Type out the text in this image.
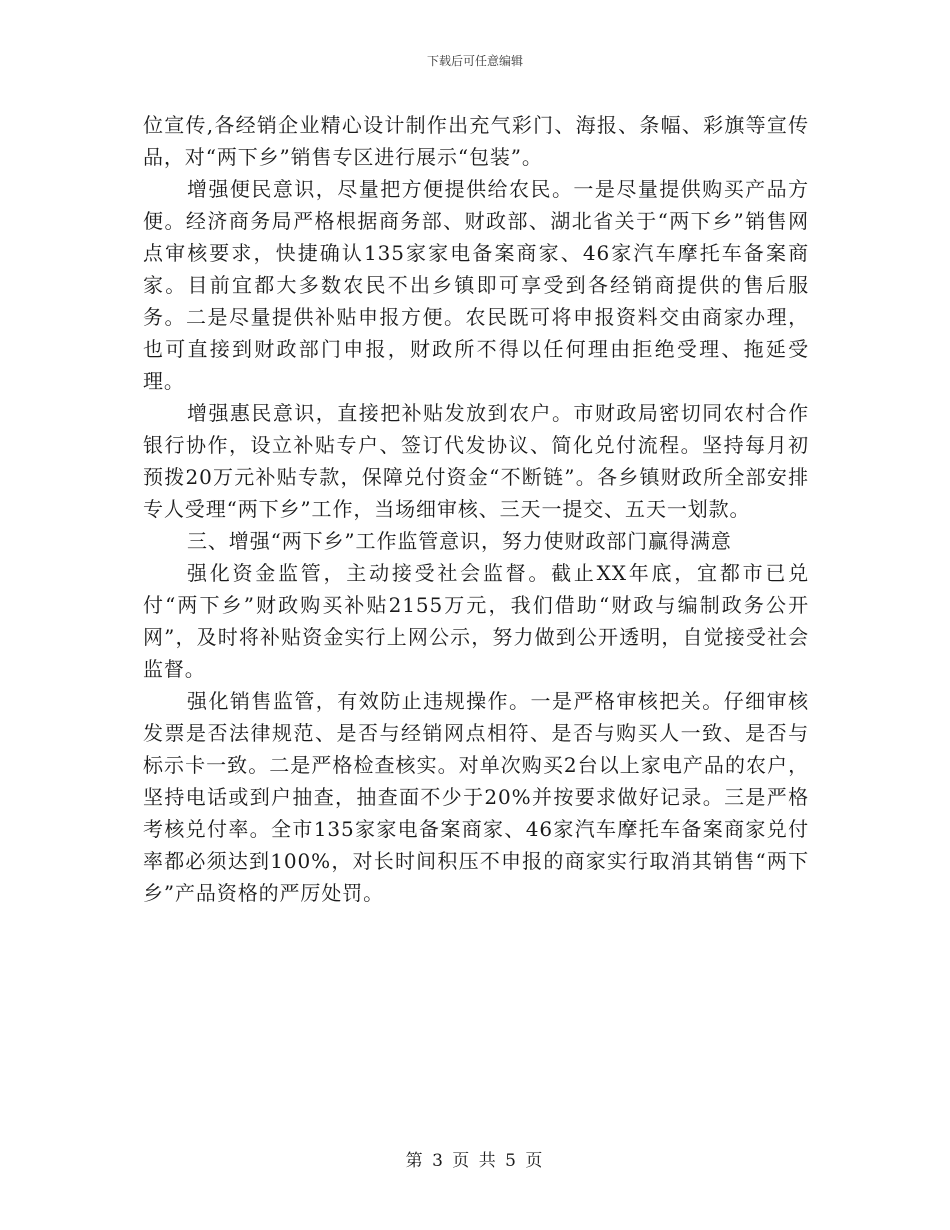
下载后可任意编辑

位宣传,各经销企业精心设计制作出充气彩门、海报、条幅、彩旗等宣传品，对“两下乡”销售专区进行展示“包装”。

增强便民意识，尽量把方便提供给农民。一是尽量提供购买产品方便。经济商务局严格根据商务部、财政部、湖北省关于“两下乡”销售网点审核要求，快捷确认135家家电备案商家、46家汽车摩托车备案商家。目前宜都大多数农民不出乡镇即可享受到各经销商提供的售后服务。二是尽量提供补贴申报方便。农民既可将申报资料交由商家办理，也可直接到财政部门申报，财政所不得以任何理由拒绝受理、拖延受理。

增强惠民意识，直接把补贴发放到农户。市财政局密切同农村合作银行协作，设立补贴专户、签订代发协议、简化兑付流程。坚持每月初预拨20万元补贴专款，保障兑付资金“不断链”。各乡镇财政所全部安排专人受理“两下乡”工作，当场细审核、三天一提交、五天一划款。

三、增强“两下乡”工作监管意识，努力使财政部门赢得满意

强化资金监管，主动接受社会监督。截止XX年底，宜都市已兑付“两下乡”财政购买补贴2155万元，我们借助“财政与编制政务公开网”，及时将补贴资金实行上网公示，努力做到公开透明，自觉接受社会监督。

强化销售监管，有效防止违规操作。一是严格审核把关。仔细审核发票是否法律规范、是否与经销网点相符、是否与购买人一致、是否与标示卡一致。二是严格检查核实。对单次购买2台以上家电产品的农户，坚持电话或到户抽查，抽查面不少于20%并按要求做好记录。三是严格考核兑付率。全市135家家电备案商家、46家汽车摩托车备案商家兑付率都必须达到100%，对长时间积压不申报的商家实行取消其销售“两下乡”产品资格的严厉处罚。

第 3 页 共 5 页
